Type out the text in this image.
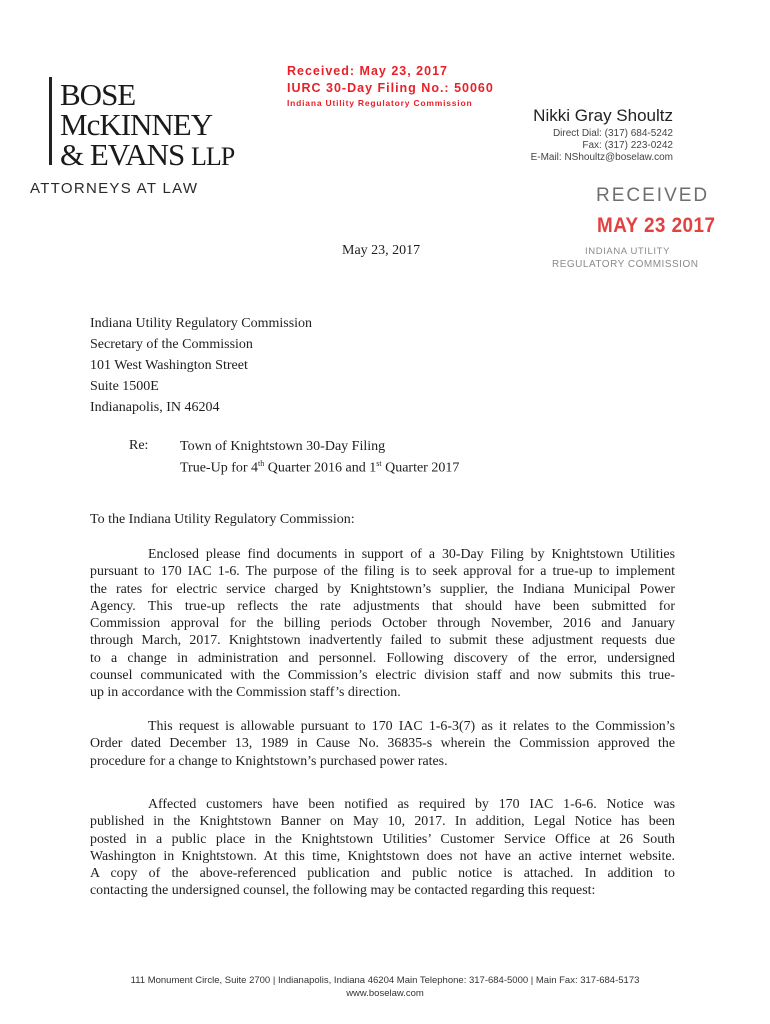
BOSE
McKINNEY
& EVANS LLP
ATTORNEYS AT LAW
Received: May 23, 2017
IURC 30-Day Filing No.: 50060
Indiana Utility Regulatory Commission
Nikki Gray Shoultz
Direct Dial: (317) 684-5242
Fax: (317) 223-0242
E-Mail: NShoultz@boselaw.com
RECEIVED
MAY 23 2017
INDIANA UTILITY
REGULATORY COMMISSION
May 23, 2017
Indiana Utility Regulatory Commission
Secretary of the Commission
101 West Washington Street
Suite 1500E
Indianapolis, IN 46204
Re: Town of Knightstown 30-Day Filing
True-Up for 4th Quarter 2016 and 1st Quarter 2017
To the Indiana Utility Regulatory Commission:
Enclosed please find documents in support of a 30-Day Filing by Knightstown Utilities
pursuant to 170 IAC 1-6. The purpose of the filing is to seek approval for a true-up to implement
the rates for electric service charged by Knightstown’s supplier, the Indiana Municipal Power
Agency. This true-up reflects the rate adjustments that should have been submitted for
Commission approval for the billing periods October through November, 2016 and January
through March, 2017. Knightstown inadvertently failed to submit these adjustment requests due
to a change in administration and personnel. Following discovery of the error, undersigned
counsel communicated with the Commission’s electric division staff and now submits this true-
up in accordance with the Commission staff’s direction.
This request is allowable pursuant to 170 IAC 1-6-3(7) as it relates to the Commission’s
Order dated December 13, 1989 in Cause No. 36835-s wherein the Commission approved the
procedure for a change to Knightstown’s purchased power rates.
Affected customers have been notified as required by 170 IAC 1-6-6. Notice was
published in the Knightstown Banner on May 10, 2017. In addition, Legal Notice has been
posted in a public place in the Knightstown Utilities’ Customer Service Office at 26 South
Washington in Knightstown. At this time, Knightstown does not have an active internet website.
A copy of the above-referenced publication and public notice is attached. In addition to
contacting the undersigned counsel, the following may be contacted regarding this request:
111 Monument Circle, Suite 2700 | Indianapolis, Indiana 46204 Main Telephone: 317-684-5000 | Main Fax: 317-684-5173
www.boselaw.com
